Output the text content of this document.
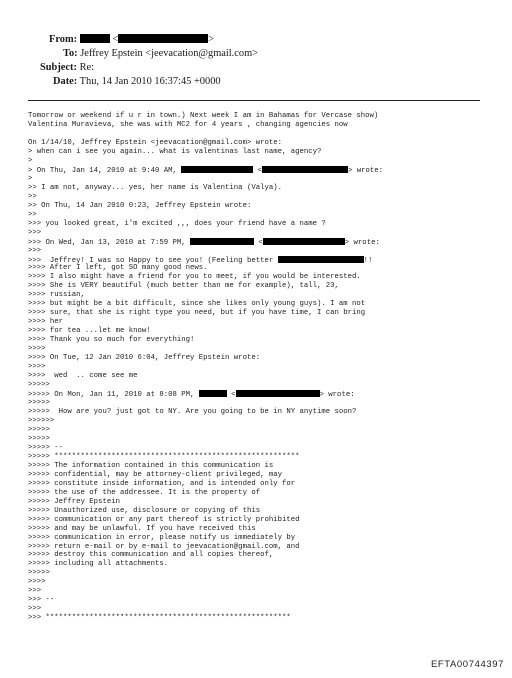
From:	<	>
To: Jeffrey Epstein <jeevacation@gmail.com>
Subject: Re:
Date: Thu, 14 Jan 2010 16:37:45 +0000
Tomorrow or weekend if u r in town.) Next week I am in Bahamas for Vercase show)
Valentina Muravieva, she was with MC2 for 4 years , changing agencies now
On 1/14/10, Jeffrey Epstein <jeevacation@gmail.com> wrote:
> when can i see you again... what is valentinas last name, agency?
>
> On Thu, Jan 14, 2010 at 9:40 AM,	<	> wrote:
>
>> I am not, anyway... yes, her name is Valentina (Valya).
>>
>> On Thu, 14 Jan 2010 0:23, Jeffrey Epstein wrote:
>>
>>> you looked great, i'm excited ,,, does your friend have a name ?
>>>
>>> On Wed, Jan 13, 2010 at 7:59 PM,	<	> wrote:
>>>
>>>  Jeffrey! I was so Happy to see you! (Feeling better	!!
>>>> After I left, got SO many good news.
>>>> I also might have a friend for you to meet, if you would be interested.
>>>> She is VERY beautiful (much better than me for example), tall, 23,
>>>> russian,
>>>> but might be a bit difficult, since she likes only young guys). I am not
>>>> sure, that she is right type you need, but if you have time, I can bring
>>>> her
>>>> for tea ...let me know!
>>>> Thank you so much for everything!
>>>>
>>>> On Tue, 12 Jan 2010 6:04, Jeffrey Epstein wrote:
>>>>
>>>>  wed  .. come see me
>>>>>
>>>>> On Mon, Jan 11, 2010 at 8:08 PM,	<	> wrote:
>>>>>
>>>>>  How are you? just got to NY. Are you going to be in NY anytime soon?
>>>>>>
>>>>>
>>>>>
>>>>> --
>>>>> ********************************************************
>>>>> The information contained in this communication is
>>>>> confidential, may be attorney-client privileged, may
>>>>> constitute inside information, and is intended only for
>>>>> the use of the addressee. It is the property of
>>>>> Jeffrey Epstein
>>>>> Unauthorized use, disclosure or copying of this
>>>>> communication or any part thereof is strictly prohibited
>>>>> and may be unlawful. If you have received this
>>>>> communication in error, please notify us immediately by
>>>>> return e-mail or by e-mail to jeevacation@gmail.com, and
>>>>> destroy this communication and all copies thereof,
>>>>> including all attachments.
>>>>>
>>>>
>>>
>>> --
>>>
>>> ********************************************************
EFTA00744397
